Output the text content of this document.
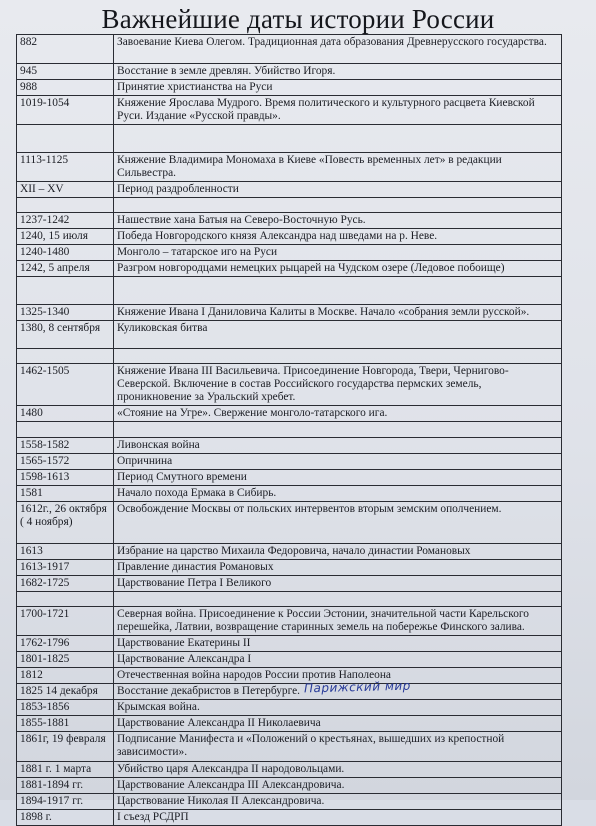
Важнейшие даты истории России
882	Завоевание Киева Олегом. Традиционная дата образования Древнерусского государства.
945	Восстание в земле древлян. Убийство Игоря.
988	Принятие христианства на Руси
1019-1054	Княжение Ярослава Мудрого. Время политического и культурного расцвета Киевской Руси. Издание «Русской правды».

1113-1125	Княжение Владимира Мономаха в Киеве «Повесть временных лет» в редакции Сильвестра.
XII – XV	Период раздробленности

1237-1242	Нашествие хана Батыя на Северо-Восточную Русь.
1240, 15 июля	Победа Новгородского князя Александра над шведами на р. Неве.
1240-1480	Монголо – татарское иго на Руси
1242, 5 апреля	Разгром новгородцами немецких рыцарей на Чудском озере (Ледовое побоище)

1325-1340	Княжение Ивана I Даниловича Калиты в Москве. Начало «собрания земли русской».
1380, 8 сентября	Куликовская битва

1462-1505	Княжение Ивана III Васильевича. Присоединение Новгорода, Твери, Чернигово-Северской. Включение в состав Российского государства пермских земель, проникновение за Уральский хребет.
1480	«Стояние на Угре». Свержение монголо-татарского ига.

1558-1582	Ливонская война
1565-1572	Опричнина
1598-1613	Период Смутного времени
1581	Начало похода Ермака в Сибирь.
1612г., 26 октября ( 4 ноября)	Освобождение Москвы от польских интервентов вторым земским ополчением.
1613	Избрание на царство Михаила Федоровича, начало династии Романовых
1613-1917	Правление династия Романовых
1682-1725	Царствование Петра I Великого

1700-1721	Северная война. Присоединение к России Эстонии, значительной части Карельского перешейка, Латвии, возвращение старинных земель на побережье Финского залива.
1762-1796	Царствование Екатерины II
1801-1825	Царствование Александра I
1812	Отечественная война народов России против Наполеона
1825 14 декабря	Восстание декабристов в Петербурге.
1853-1856	Крымская война.
1855-1881	Царствование Александра II Николаевича
1861г, 19 февраля	Подписание Манифеста и «Положений о крестьянах, вышедших из крепостной зависимости».
1881 г. 1 марта	Убийство царя Александра II народовольцами.
1881-1894 гг.	Царствование Александра III Александровича.
1894-1917 гг.	Царствование Николая II Александровича.
1898 г.	I съезд РСДРП
Парижский мир
